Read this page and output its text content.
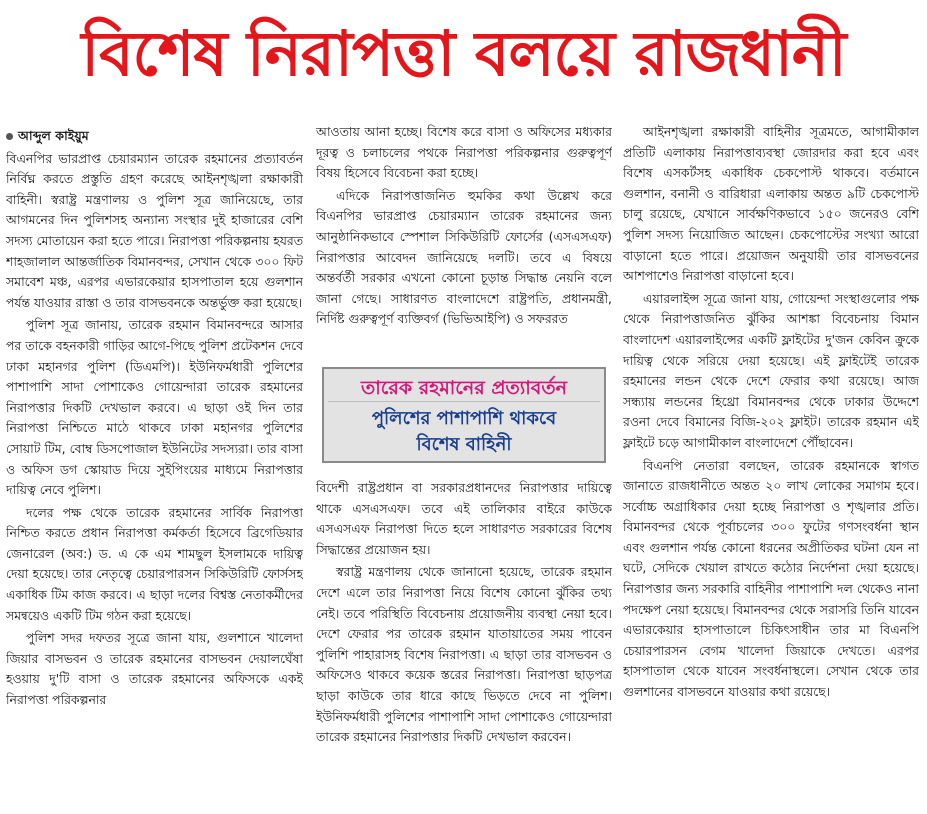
বিশেষ নিরাপত্তা বলয়ে রাজধানী
আব্দুল কাইয়ুম

বিএনপির ভারপ্রাপ্ত চেয়ারম্যান তারেক রহমানের প্রত্যাবর্তন নির্বিঘ্ন করতে প্রস্তুতি গ্রহণ করেছে আইনশৃঙ্খলা রক্ষাকারী বাহিনী। স্বরাষ্ট্র মন্ত্রণালয় ও পুলিশ সূত্র জানিয়েছে, তার আগমনের দিন পুলিশসহ অন্যান্য সংস্থার দুই হাজারের বেশি সদস্য মোতায়েন করা হতে পারে। নিরাপত্তা পরিকল্পনায় হযরত শাহজালাল আন্তর্জাতিক বিমানবন্দর, সেখান থেকে ৩০০ ফিট সমাবেশ মঞ্চ, এরপর এভারকেয়ার হাসপাতাল হয়ে গুলশান পর্যন্ত যাওয়ার রাস্তা ও তার বাসভবনকে অন্তর্ভুক্ত করা হয়েছে।

পুলিশ সূত্র জানায়, তারেক রহমান বিমানবন্দরে আসার পর তাকে বহনকারী গাড়ির আগে-পিছে পুলিশ প্রটেকশন দেবে ঢাকা মহানগর পুলিশ (ডিএমপি)। ইউনিফর্মধারী পুলিশের পাশাপাশি সাদা পোশাকেও গোয়েন্দারা তারেক রহমানের নিরাপত্তার দিকটি দেখভাল করবে। এ ছাড়া ওই দিন তার নিরাপত্তা নিশ্চিতে মাঠে থাকবে ঢাকা মহানগর পুলিশের সোয়াট টিম, বোম্ব ডিসপোজাল ইউনিটের সদস্যরা। তার বাসা ও অফিস ডগ স্কোয়াড দিয়ে সুইপিংয়ের মাধ্যমে নিরাপত্তার দায়িত্ব নেবে পুলিশ।

দলের পক্ষ থেকে তারেক রহমানের সার্বিক নিরাপত্তা নিশ্চিত করতে প্রধান নিরাপত্তা কর্মকর্তা হিসেবে ব্রিগেডিয়ার জেনারেল (অব:) ড. এ কে এম শামছুল ইসলামকে দায়িত্ব দেয়া হয়েছে। তার নেতৃত্বে চেয়ারপারসন সিকিউরিটি ফোর্সসহ একাধিক টিম কাজ করবে। এ ছাড়া দলের বিশ্বস্ত নেতাকর্মীদের সমন্বয়েও একটি টিম গঠন করা হয়েছে।

পুলিশ সদর দফতর সূত্রে জানা যায়, গুলশানে খালেদা জিয়ার বাসভবন ও তারেক রহমানের বাসভবন দেয়ালঘেঁষা হওয়ায় দু'টি বাসা ও তারেক রহমানের অফিসকে একই নিরাপত্তা পরিকল্পনার

আওতায় আনা হচ্ছে। বিশেষ করে বাসা ও অফিসের মধ্যকার দূরত্ব ও চলাচলের পথকে নিরাপত্তা পরিকল্পনার গুরুত্বপূর্ণ বিষয় হিসেবে বিবেচনা করা হচ্ছে।

এদিকে নিরাপত্তাজনিত হুমকির কথা উল্লেখ করে বিএনপির ভারপ্রাপ্ত চেয়ারম্যান তারেক রহমানের জন্য আনুষ্ঠানিকভাবে স্পেশাল সিকিউরিটি ফোর্সের (এসএসএফ) নিরাপত্তার আবেদন জানিয়েছে দলটি। তবে এ বিষয়ে অন্তর্বর্তী সরকার এখনো কোনো চূড়ান্ত সিদ্ধান্ত নেয়নি বলে জানা গেছে। সাধারণত বাংলাদেশে রাষ্ট্রপতি, প্রধানমন্ত্রী, নির্দিষ্ট গুরুত্বপূর্ণ ব্যক্তিবর্গ (ভিভিআইপি) ও সফররত

তারেক রহমানের প্রত্যাবর্তন
পুলিশের পাশাপাশি থাকবে
বিশেষ বাহিনী

বিদেশী রাষ্ট্রপ্রধান বা সরকারপ্রধানদের নিরাপত্তার দায়িত্বে থাকে এসএসএফ। তবে এই তালিকার বাইরে কাউকে এসএসএফ নিরাপত্তা দিতে হলে সাধারণত সরকারের বিশেষ সিদ্ধান্তের প্রয়োজন হয়।

স্বরাষ্ট্র মন্ত্রণালয় থেকে জানানো হয়েছে, তারেক রহমান দেশে এলে তার নিরাপত্তা নিয়ে বিশেষ কোনো ঝুঁকির তথ্য নেই। তবে পরিস্থিতি বিবেচনায় প্রয়োজনীয় ব্যবস্থা নেয়া হবে। দেশে ফেরার পর তারেক রহমান যাতায়াতের সময় পাবেন পুলিশি পাহারাসহ বিশেষ নিরাপত্তা। এ ছাড়া তার বাসভবন ও অফিসেও থাকবে কয়েক স্তরের নিরাপত্তা। নিরাপত্তা ছাড়পত্র ছাড়া কাউকে তার ধারে কাছে ভিড়তে দেবে না পুলিশ। ইউনিফর্মধারী পুলিশের পাশাপাশি সাদা পোশাকেও গোয়েন্দারা তারেক রহমানের নিরাপত্তার দিকটি দেখভাল করবেন।

আইনশৃঙ্খলা রক্ষাকারী বাহিনীর সূত্রমতে, আগামীকাল প্রতিটি এলাকায় নিরাপত্তাব্যবস্থা জোরদার করা হবে এবং বিশেষ এসকর্টসহ একাধিক চেকপোস্ট থাকবে। বর্তমানে গুলশান, বনানী ও বারিধারা এলাকায় অন্তত ৯টি চেকপোস্ট চালু রয়েছে, যেখানে সার্বক্ষণিকভাবে ১৫০ জনেরও বেশি পুলিশ সদস্য নিয়োজিত আছেন। চেকপোস্টের সংখ্যা আরো বাড়ানো হতে পারে। প্রয়োজন অনুযায়ী তার বাসভবনের আশপাশেও নিরাপত্তা বাড়ানো হবে।

এয়ারলাইন্স সূত্রে জানা যায়, গোয়েন্দা সংস্থাগুলোর পক্ষ থেকে নিরাপত্তাজনিত ঝুঁকির আশঙ্কা বিবেচনায় বিমান বাংলাদেশ এয়ারলাইন্সের একটি ফ্লাইটের দু'জন কেবিন ক্রুকে দায়িত্ব থেকে সরিয়ে দেয়া হয়েছে। এই ফ্লাইটেই তারেক রহমানের লন্ডন থেকে দেশে ফেরার কথা রয়েছে। আজ সন্ধ্যায় লন্ডনের হিথ্রো বিমানবন্দর থেকে ঢাকার উদ্দেশে রওনা দেবে বিমানের বিজি-২০২ ফ্লাইট। তারেক রহমান এই ফ্লাইটে চড়ে আগামীকাল বাংলাদেশে পৌঁছাবেন।

বিএনপি নেতারা বলছেন, তারেক রহমানকে স্বাগত জানাতে রাজধানীতে অন্তত ২০ লাখ লোকের সমাগম হবে। সর্বোচ্চ অগ্রাধিকার দেয়া হচ্ছে নিরাপত্তা ও শৃঙ্খলার প্রতি। বিমানবন্দর থেকে পূর্বাচলের ৩০০ ফুটের গণসংবর্ধনা স্থান এবং গুলশান পর্যন্ত কোনো ধরনের অপ্রীতিকর ঘটনা যেন না ঘটে, সেদিকে খেয়াল রাখতে কঠোর নির্দেশনা দেয়া হয়েছে। নিরাপত্তার জন্য সরকারি বাহিনীর পাশাপাশি দল থেকেও নানা পদক্ষেপ নেয়া হয়েছে। বিমানবন্দর থেকে সরাসরি তিনি যাবেন এভারকেয়ার হাসপাতালে চিকিৎসাধীন তার মা বিএনপি চেয়ারপারসন বেগম খালেদা জিয়াকে দেখতে। এরপর হাসপাতাল থেকে যাবেন সংবর্ধনাস্থলে। সেখান থেকে তার গুলশানের বাসভবনে যাওয়ার কথা রয়েছে।
